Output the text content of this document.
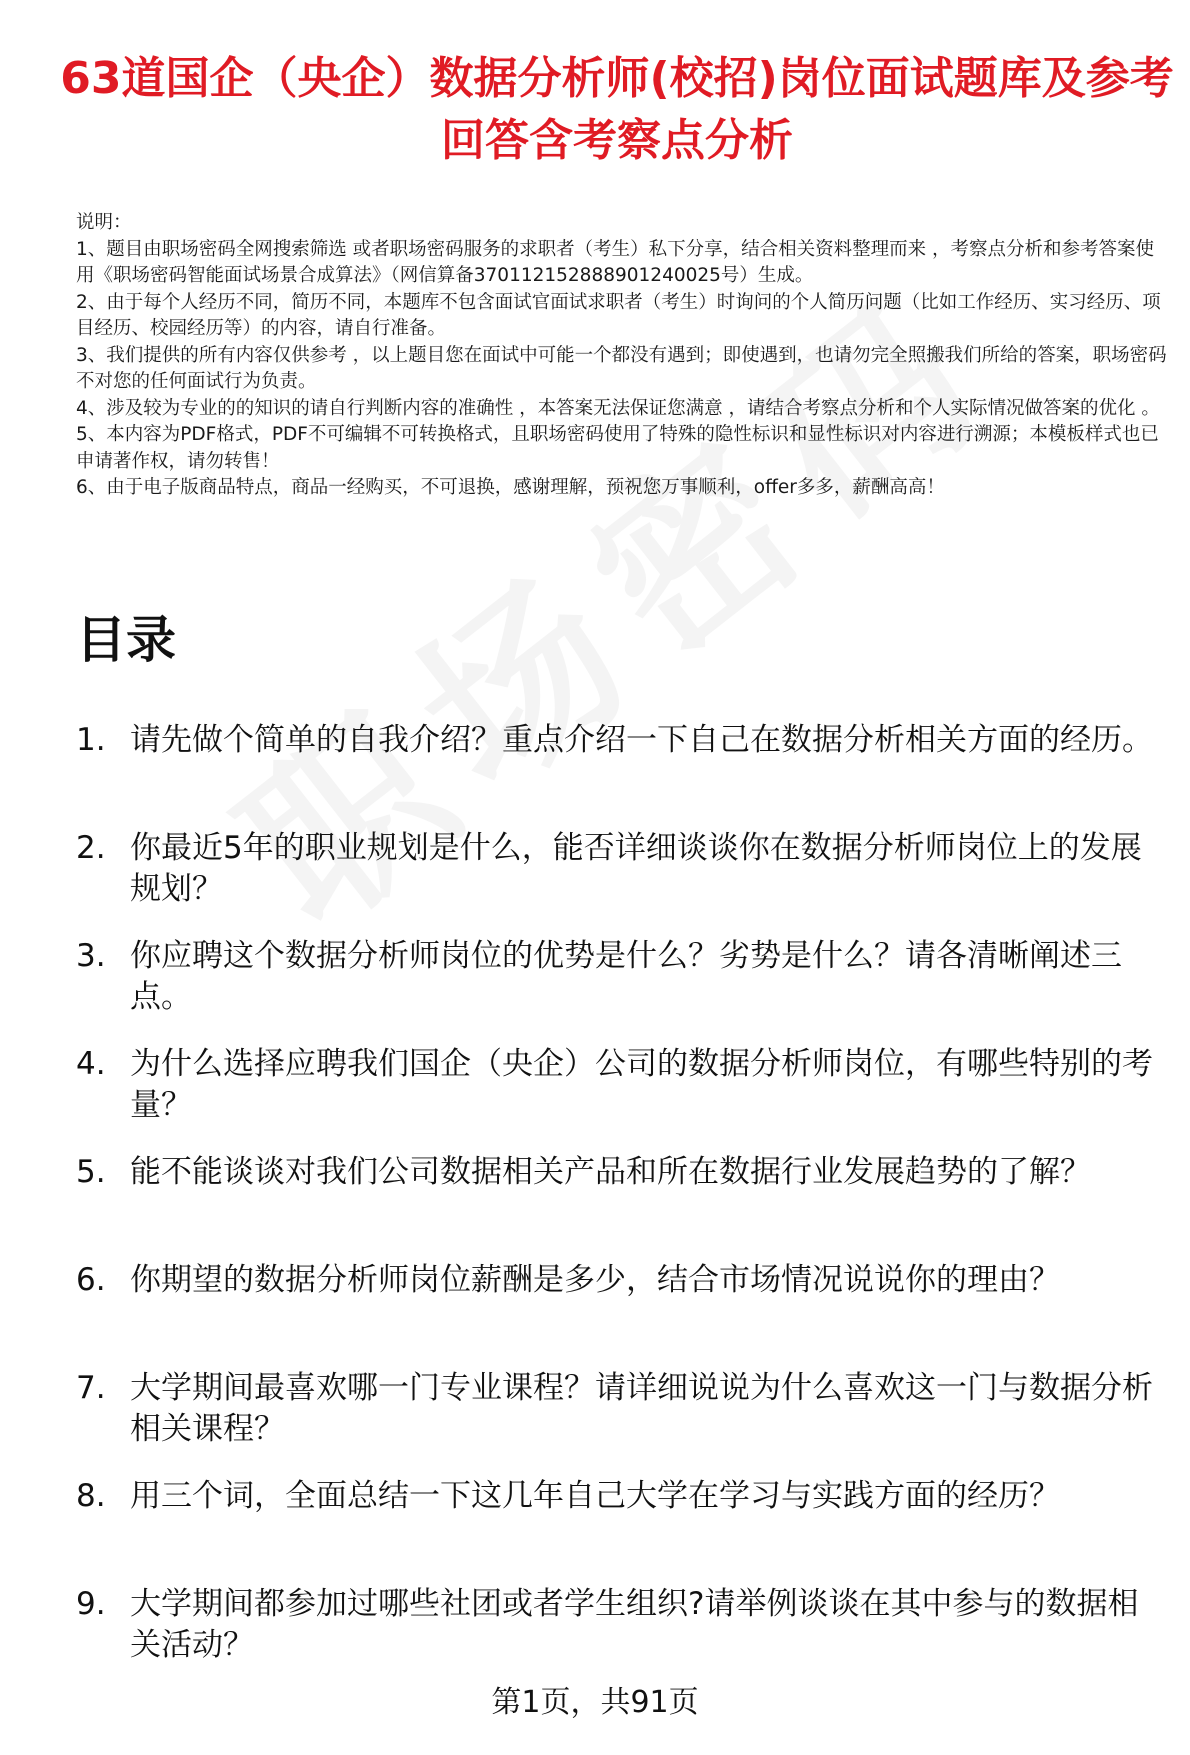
63道国企（央企）数据分析师(校招)岗位面试题库及参考回答含考察点分析

说明：

1、题目由职场密码全网搜索筛选 或者职场密码服务的求职者（考生）私下分享，结合相关资料整理而来 ，考察点分析和参考答案使用《职场密码智能面试场景合成算法》（网信算备370112152888901240025号）生成。

2、由于每个人经历不同，简历不同，本题库不包含面试官面试求职者（考生）时询问的个人简历问题（比如工作经历、实习经历、项目经历、校园经历等）的内容，请自行准备。

3、我们提供的所有内容仅供参考 ，以上题目您在面试中可能一个都没有遇到；即使遇到，也请勿完全照搬我们所给的答案，职场密码不对您的任何面试行为负责。

4、涉及较为专业的的知识的请自行判断内容的准确性 ，本答案无法保证您满意 ，请结合考察点分析和个人实际情况做答案的优化 。

5、本内容为PDF格式，PDF不可编辑不可转换格式，且职场密码使用了特殊的隐性标识和显性标识对内容进行溯源；本模板样式也已申请著作权，请勿转售！

6、由于电子版商品特点，商品一经购买，不可退换，感谢理解，预祝您万事顺利，offer多多，薪酬高高！

目录
1. 请先做个简单的自我介绍？重点介绍一下自己在数据分析相关方面的经历。
2. 你最近5年的职业规划是什么，能否详细谈谈你在数据分析师岗位上的发展规划？
3. 你应聘这个数据分析师岗位的优势是什么？劣势是什么？请各清晰阐述三点。
4. 为什么选择应聘我们国企（央企）公司的数据分析师岗位，有哪些特别的考量？
5. 能不能谈谈对我们公司数据相关产品和所在数据行业发展趋势的了解？
6. 你期望的数据分析师岗位薪酬是多少，结合市场情况说说你的理由？
7. 大学期间最喜欢哪一门专业课程？请详细说说为什么喜欢这一门与数据分析相关课程？
8. 用三个词，全面总结一下这几年自己大学在学习与实践方面的经历？
9. 大学期间都参加过哪些社团或者学生组织?请举例谈谈在其中参与的数据相关活动？
第1页，共91页
